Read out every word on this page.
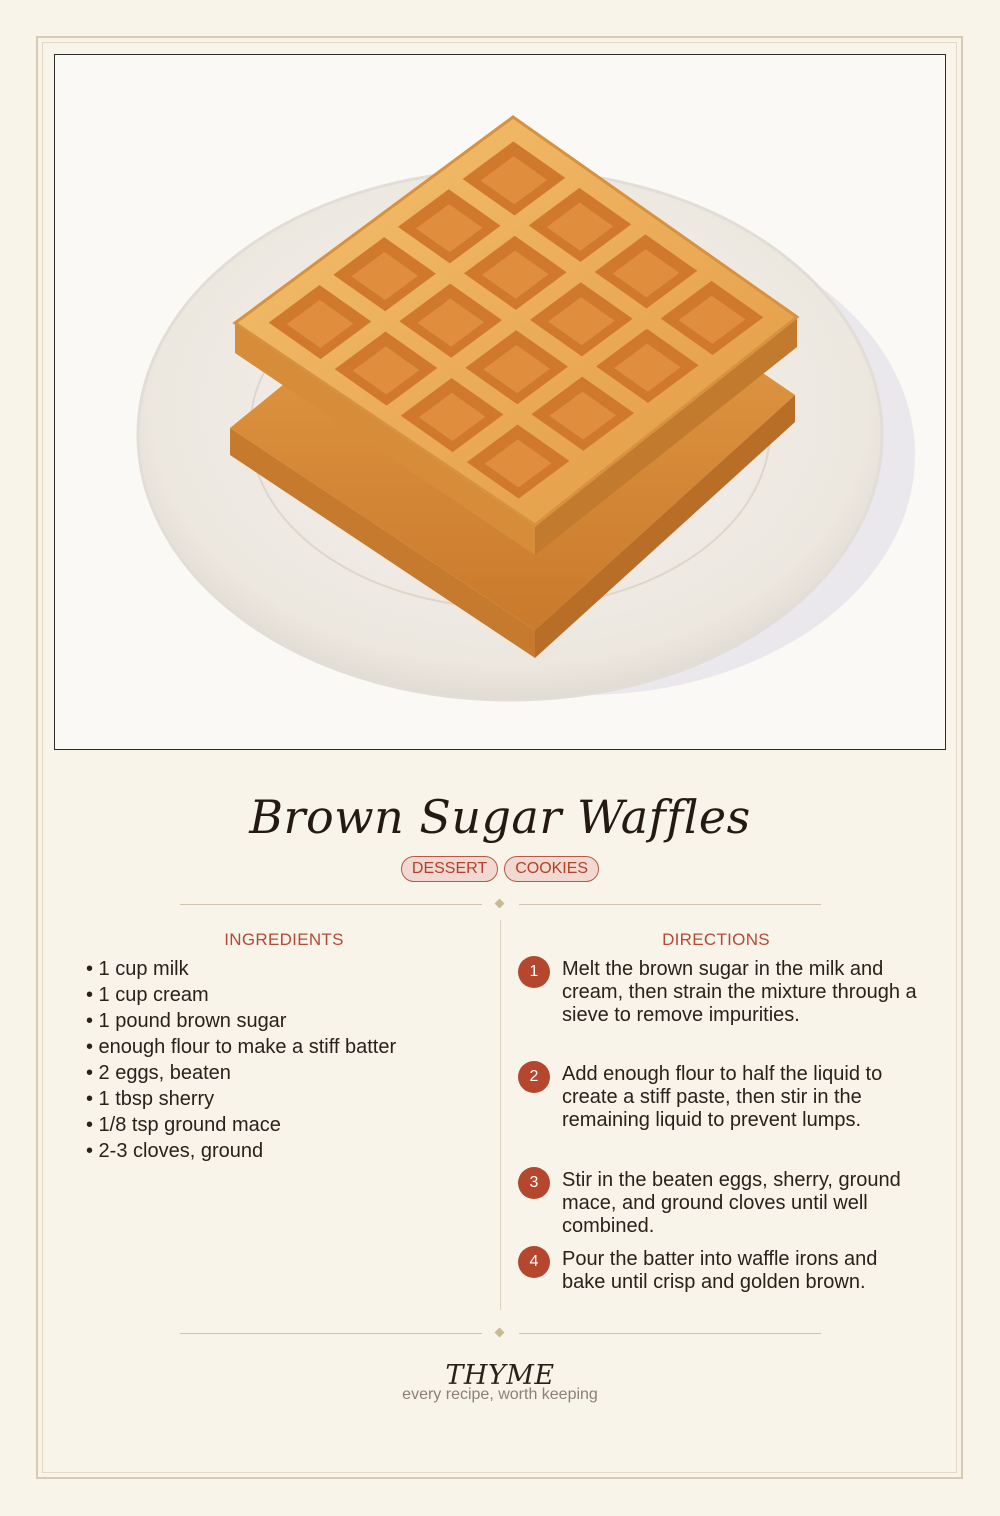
Brown Sugar Waffles
DESSERT	COOKIES
INGREDIENTS
• 1 cup milk
• 1 cup cream
• 1 pound brown sugar
• enough flour to make a stiff batter
• 2 eggs, beaten
• 1 tbsp sherry
• 1/8 tsp ground mace
• 2-3 cloves, ground
DIRECTIONS
1	Melt the brown sugar in the milk and cream, then strain the mixture through a sieve to remove impurities.
2	Add enough flour to half the liquid to create a stiff paste, then stir in the remaining liquid to prevent lumps.
3	Stir in the beaten eggs, sherry, ground mace, and ground cloves until well combined.
4	Pour the batter into waffle irons and bake until crisp and golden brown.
THYME
every recipe, worth keeping
